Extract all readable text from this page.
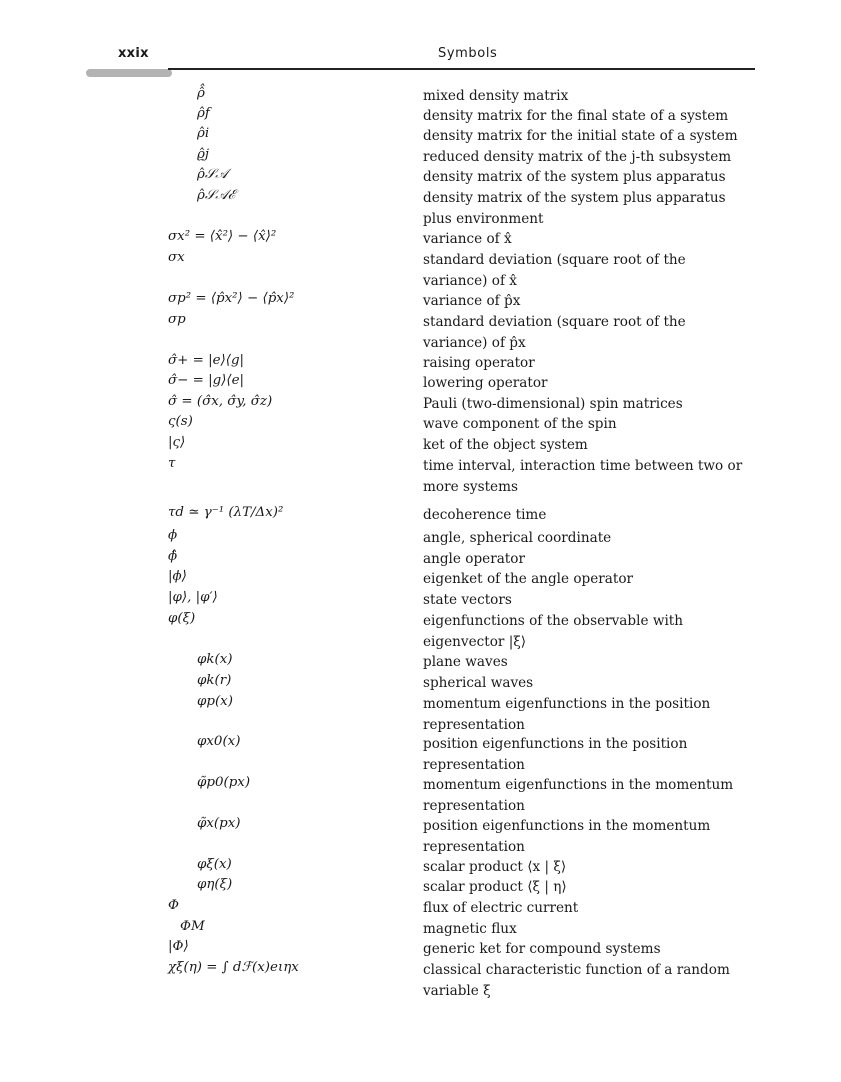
xxix	Symbols
ρ̂̂	mixed density matrix
ρ̂f	density matrix for the final state of a system
ρ̂i	density matrix for the initial state of a system
ϱ̂j	reduced density matrix of the j-th subsystem
ρ̂𝒮𝒜	density matrix of the system plus apparatus
ρ̂𝒮𝒜ℰ	density matrix of the system plus apparatus plus environment
σx² = ⟨x̂²⟩ − ⟨x̂⟩²	variance of x̂
σx	standard deviation (square root of the variance) of x̂
σp² = ⟨p̂x²⟩ − ⟨p̂x⟩²	variance of p̂x
σp	standard deviation (square root of the variance) of p̂x
σ̂+ = |e⟩⟨g|	raising operator
σ̂− = |g⟩⟨e|	lowering operator
σ̂ = (σ̂x, σ̂y, σ̂z)	Pauli (two-dimensional) spin matrices
ς(s)	wave component of the spin
|ς⟩	ket of the object system
τ	time interval, interaction time between two or more systems
τd ≃ γ⁻¹ (λT/Δx)²	decoherence time
ϕ	angle, spherical coordinate
ϕ̂	angle operator
|ϕ⟩	eigenket of the angle operator
|φ⟩, |φ′⟩	state vectors
φ(ξ)	eigenfunctions of the observable with eigenvector |ξ⟩
φk(x)	plane waves
φk(r)	spherical waves
φp(x)	momentum eigenfunctions in the position representation
φx0(x)	position eigenfunctions in the position representation
φ̃p0(px)	momentum eigenfunctions in the momentum representation
φ̃x(px)	position eigenfunctions in the momentum representation
φξ(x)	scalar product ⟨x | ξ⟩
φη(ξ)	scalar product ⟨ξ | η⟩
Φ	flux of electric current
ΦM	magnetic flux
|Φ⟩	generic ket for compound systems
χξ(η) = ∫ dℱ(x)eιηx	classical characteristic function of a random variable ξ
